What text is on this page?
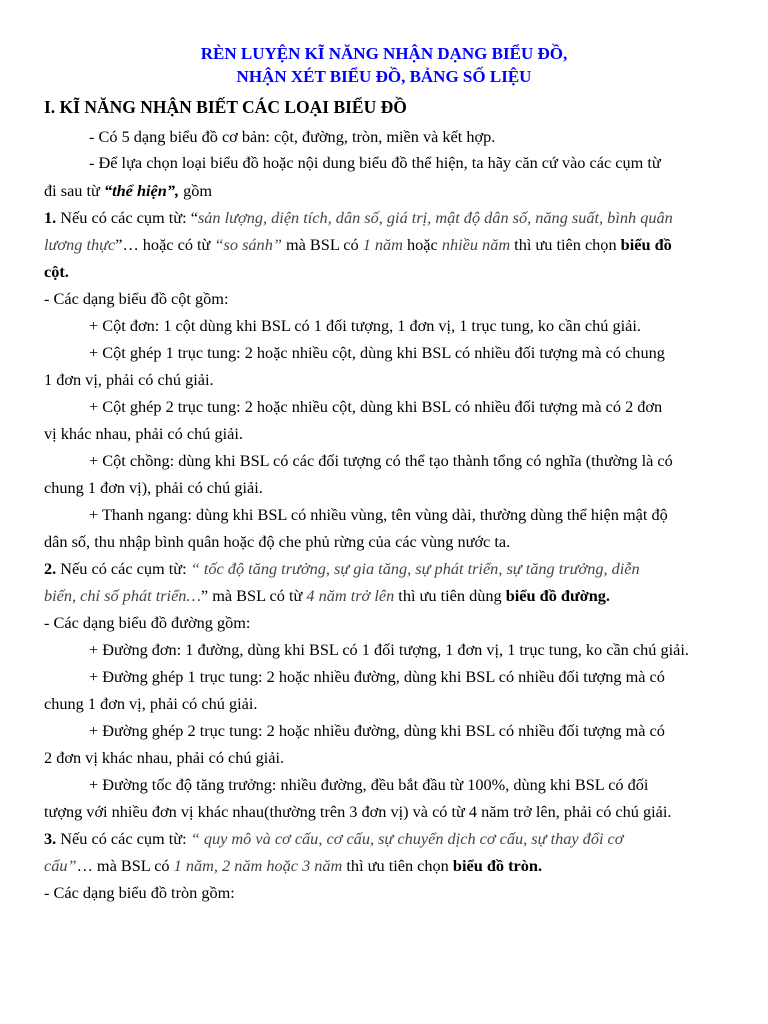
RÈN LUYỆN KĨ NĂNG NHẬN DẠNG BIỂU ĐỒ,
NHẬN XÉT BIỂU ĐỒ, BẢNG SỐ LIỆU
I. KĨ NĂNG NHẬN BIẾT CÁC LOẠI BIỂU ĐỒ
- Có 5 dạng biểu đồ cơ bản: cột, đường, tròn, miền và kết hợp.
- Để lựa chọn loại biểu đồ hoặc nội dung biểu đồ thể hiện, ta hãy căn cứ vào các cụm từ
đi sau từ “thể hiện”, gồm
1. Nếu có các cụm từ: “sản lượng, diện tích, dân số, giá trị, mật độ dân số, năng suất, bình quân
lương thực”… hoặc có từ “so sánh” mà BSL có 1 năm hoặc nhiều năm thì ưu tiên chọn biểu đồ
cột.
- Các dạng biểu đồ cột gồm:
+ Cột đơn: 1 cột dùng khi BSL có 1 đối tượng, 1 đơn vị, 1 trục tung, ko cần chú giải.
+ Cột ghép 1 trục tung: 2 hoặc nhiều cột, dùng khi BSL có nhiều đối tượng mà có chung
1 đơn vị, phải có chú giải.
+ Cột ghép 2 trục tung: 2 hoặc nhiều cột, dùng khi BSL có nhiều đối tượng mà có 2 đơn
vị khác nhau, phải có chú giải.
+ Cột chồng: dùng khi BSL có các đối tượng có thể tạo thành tổng có nghĩa (thường là có
chung 1 đơn vị), phải có chú giải.
+ Thanh ngang: dùng khi BSL có nhiều vùng, tên vùng dài, thường dùng thể hiện mật độ
dân số, thu nhập bình quân hoặc độ che phủ rừng của các vùng nước ta.
2. Nếu có các cụm từ: “ tốc độ tăng trưởng, sự gia tăng, sự phát triển, sự tăng trưởng, diễn
biến, chỉ số phát triển…” mà BSL có từ 4 năm trở lên thì ưu tiên dùng biểu đồ đường.
- Các dạng biểu đồ đường gồm:
+ Đường đơn: 1 đường, dùng khi BSL có 1 đối tượng, 1 đơn vị, 1 trục tung, ko cần chú giải.
+ Đường ghép 1 trục tung: 2 hoặc nhiều đường, dùng khi BSL có nhiều đối tượng mà có
chung 1 đơn vị, phải có chú giải.
+ Đường ghép 2 trục tung: 2 hoặc nhiều đường, dùng khi BSL có nhiều đối tượng mà có
2 đơn vị khác nhau, phải có chú giải.
+ Đường tốc độ tăng trưởng: nhiều đường, đều bắt đầu từ 100%, dùng khi BSL có đối
tượng với nhiều đơn vị khác nhau(thường trên 3 đơn vị) và có từ 4 năm trở lên, phải có chú giải.
3. Nếu có các cụm từ: “ quy mô và cơ cấu, cơ cấu, sự chuyển dịch cơ cấu, sự thay đổi cơ
cấu”… mà BSL có 1 năm, 2 năm hoặc 3 năm thì ưu tiên chọn biểu đồ tròn.
- Các dạng biểu đồ tròn gồm:
